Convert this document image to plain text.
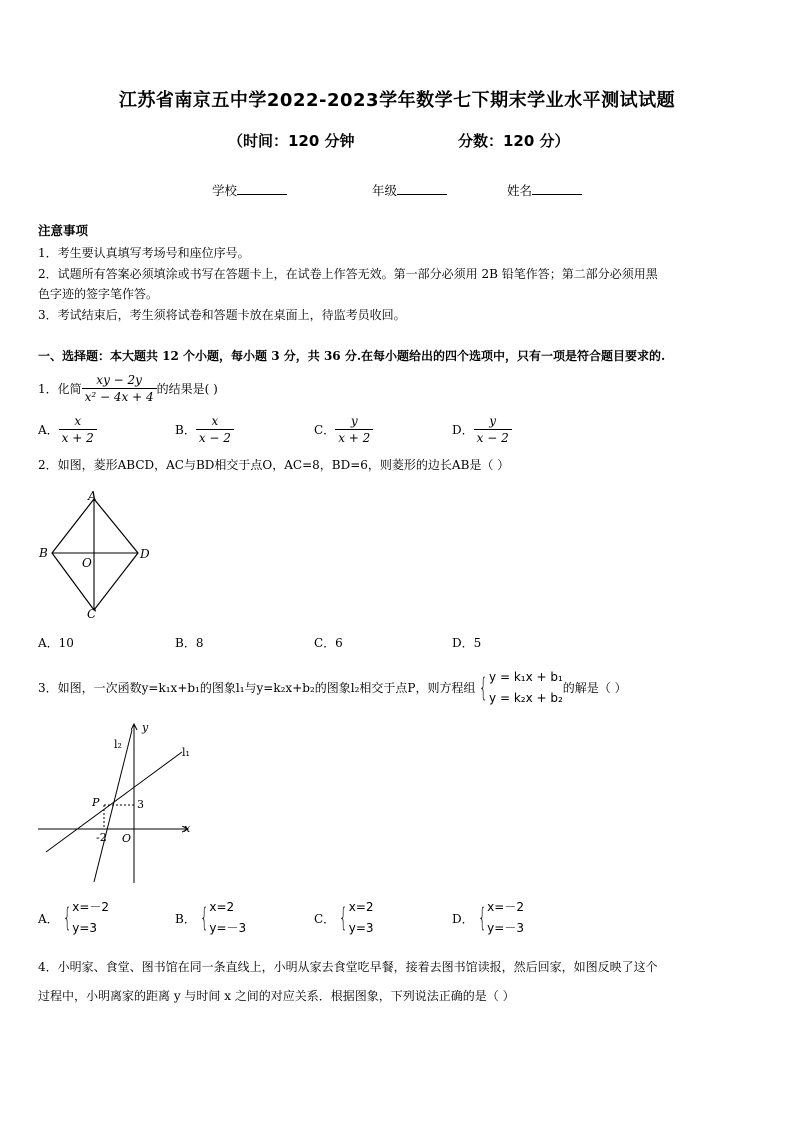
江苏省南京五中学2022-2023学年数学七下期末学业水平测试试题
（时间：120 分钟	分数：120 分）
学校	年级	姓名
注意事项
1．考生要认真填写考场号和座位序号。
2．试题所有答案必须填涂或书写在答题卡上，在试卷上作答无效。第一部分必须用 2B 铅笔作答；第二部分必须用黑
色字迹的签字笔作答。
3．考试结束后，考生须将试卷和答题卡放在桌面上，待监考员收回。
一、选择题：本大题共 12 个小题，每小题 3 分，共 36 分.在每小题给出的四个选项中，只有一项是符合题目要求的.
1．化简 $\frac{xy - 2y}{\text{x² − 4x + 4}}$ 的结果是( )
A． $\frac{x}{x + 2}$	B． $\frac{x}{x - 2}$	C． $\frac{y}{x + 2}$	D． $\frac{y}{x - 2}$
2．如图，菱形ABCD，AC与BD相交于点O，AC=8，BD=6，则菱形的边长AB是（ ）
A
B	D
C
O
A．10	B．8	C．6	D．5
3．如图，一次函数y=k₁x+b₁的图象l₁与y=k₂x+b₂的图象l₂相交于点P，则方程组 { y = k₁x + b₁
y = k₂x + b₂
的解是（ ）
y
x
l₁
l₂
P	3
-2 O
A． { x=－2
y=3
B． { x=2
y=－3
C． { x=2
y=3
D． { x=－2
y=－3
4．小明家、食堂、图书馆在同一条直线上，小明从家去食堂吃早餐，接着去图书馆读报，然后回家，如图反映了这个
过程中，小明离家的距离 y 与时间 x 之间的对应关系．根据图象，下列说法正确的是（ ）
